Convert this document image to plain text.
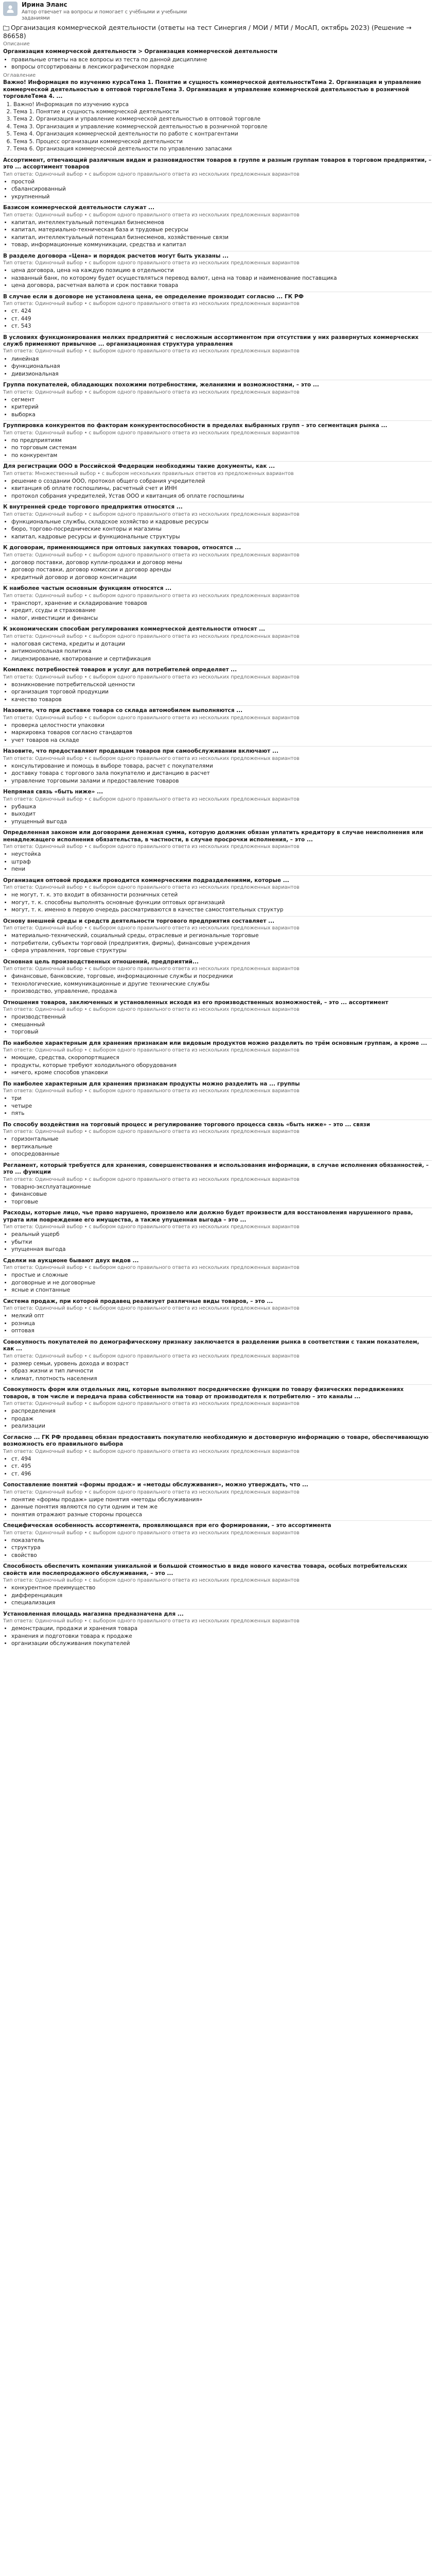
Ирина Эланс

Автор отвечает на вопросы и помогает с учёбными и учебными заданиями

Организация коммерческой деятельности (ответы на тест Синергия / МОИ / МТИ / МосАП, октябрь 2023) (Решение → 86658)
Описание
Организация коммерческой деятельности > Организация коммерческой деятельности
• правильные ответы на все вопросы из теста по данной дисциплине
• вопросы отсортированы в лексикографическом порядке
Оглавление
Важно! Информация по изучению курсаТема 1. Понятие и сущность коммерческой деятельностиТема 2. Организация и управление коммерческой деятельностью в оптовой торговлеТема 3. Организация и управление коммерческой деятельностью в розничной торговлеТема 4. ...
1. Важно! Информация по изучению курса
2. Тема 1. Понятие и сущность коммерческой деятельности
3. Тема 2. Организация и управление коммерческой деятельностью в оптовой торговле
4. Тема 3. Организация и управление коммерческой деятельностью в розничной торговле
5. Тема 4. Организация коммерческой деятельности по работе с контрагентами
6. Тема 5. Процесс организации коммерческой деятельности
7. Тема 6. Организация коммерческой деятельности по управлению запасами

Ассортимент, отвечающий различным видам и разновидностям товаров в группе и разным группам товаров в торговом предприятии, – это ... ассортимент товаров

Тип ответа: Одиночный выбор • с выбором одного правильного ответа из нескольких предложенных вариантов

• простой
• сбалансированный
• укрупненный

Базисом коммерческой деятельности служат ...

Тип ответа: Одиночный выбор • с выбором одного правильного ответа из нескольких предложенных вариантов

• капитал, интеллектуальный потенциал бизнесменов
• капитал, материально-техническая база и трудовые ресурсы
• капитал, интеллектуальный потенциал бизнесменов, хозяйственные связи
• товар, информационные коммуникации, средства и капитал

В разделе договора «Цена» и порядок расчетов могут быть указаны ...

Тип ответа: Одиночный выбор • с выбором одного правильного ответа из нескольких предложенных вариантов

• цена договора, цена на каждую позицию в отдельности
• названный банк, по которому будет осуществляться перевод валют, цена на товар и наименование поставщика
• цена договора, расчетная валюта и срок поставки товара

В случае если в договоре не установлена цена, ее определение производит согласно ... ГК РФ

Тип ответа: Одиночный выбор • с выбором одного правильного ответа из нескольких предложенных вариантов

• ст. 424
• ст. 449
• ст. 543

В условиях функционирования мелких предприятий с несложным ассортиментом при отсутствии у них развернутых коммерческих служб применяют привычное ... организационная структура управления

Тип ответа: Одиночный выбор • с выбором одного правильного ответа из нескольких предложенных вариантов

• линейная
• функциональная
• дивизиональная

Группа покупателей, обладающих похожими потребностями, желаниями и возможностями, – это ...

Тип ответа: Одиночный выбор • с выбором одного правильного ответа из нескольких предложенных вариантов

• сегмент
• критерий
• выборка

Группировка конкурентов по факторам конкурентоспособности в пределах выбранных групп – это сегментация рынка ...

Тип ответа: Одиночный выбор • с выбором одного правильного ответа из нескольких предложенных вариантов

• по предприятиям
• по торговым системам
• по конкурентам

Для регистрации ООО в Российской Федерации необходимы такие документы, как ...

Тип ответа: Множественный выбор • с выбором нескольких правильных ответов из предложенных вариантов

• решение о создании ООО, протокол общего собрания учредителей
• квитанция об оплате госпошлины, расчетный счет и ИНН
• протокол собрания учредителей, Устав ООО и квитанция об оплате госпошлины

К внутренней среде торгового предприятия относятся ...

Тип ответа: Одиночный выбор • с выбором одного правильного ответа из нескольких предложенных вариантов

• функциональные службы, складское хозяйство и кадровые ресурсы
• бюро, торгово-посреднические конторы и магазины
• капитал, кадровые ресурсы и функциональные структуры

К договорам, применяющимся при оптовых закупках товаров, относятся ...

Тип ответа: Одиночный выбор • с выбором одного правильного ответа из нескольких предложенных вариантов

• договор поставки, договор купли-продажи и договор мены
• договор поставки, договор комиссии и договор аренды
• кредитный договор и договор консигнации

К наиболее частым основным функциям относятся ...

Тип ответа: Одиночный выбор • с выбором одного правильного ответа из нескольких предложенных вариантов

• транспорт, хранение и складирование товаров
• кредит, ссуды и страхование
• налог, инвестиции и финансы

К экономическим способам регулирования коммерческой деятельности относят ...

Тип ответа: Одиночный выбор • с выбором одного правильного ответа из нескольких предложенных вариантов

• налоговая система, кредиты и дотации
• антимонопольная политика
• лицензирование, квотирование и сертификация

Комплекс потребностей товаров и услуг для потребителей определяет ...

Тип ответа: Одиночный выбор • с выбором одного правильного ответа из нескольких предложенных вариантов

• возникновение потребительской ценности
• организация торговой продукции
• качество товаров

Назовите, что при доставке товара со склада автомобилем выполняются ...

Тип ответа: Одиночный выбор • с выбором одного правильного ответа из нескольких предложенных вариантов

• проверка целостности упаковки
• маркировка товаров согласно стандартов
• учет товаров на складе

Назовите, что предоставляют продавцам товаров при самообслуживании включают ...

Тип ответа: Одиночный выбор • с выбором одного правильного ответа из нескольких предложенных вариантов

• консультирование и помощь в выборе товара, расчет с покупателями
• доставку товара с торгового зала покупателю и дистанцию в расчет
• управление торговыми залами и предоставление товаров

Непрямая связь «быть ниже» ...

Тип ответа: Одиночный выбор • с выбором одного правильного ответа из нескольких предложенных вариантов

• рубашка
• выходит
• упущенный выгода

Определенная законом или договорами денежная сумма, которую должник обязан уплатить кредитору в случае неисполнения или ненадлежащего исполнения обязательства, в частности, в случае просрочки исполнения, – это ...

Тип ответа: Одиночный выбор • с выбором одного правильного ответа из нескольких предложенных вариантов

• неустойка
• штраф
• пени

Организация оптовой продажи проводится коммерческими подразделениями, которые ...

Тип ответа: Одиночный выбор • с выбором одного правильного ответа из нескольких предложенных вариантов

• не могут, т. к. это входит в обязанности розничных сетей
• могут, т. к. способны выполнять основные функции оптовых организаций
• могут, т. к. именно в первую очередь рассматриваются в качестве самостоятельных структур

Основу внешней среды и средств деятельности торгового предприятия составляет ...

Тип ответа: Одиночный выбор • с выбором одного правильного ответа из нескольких предложенных вариантов

• материально-технический, социальный среды, отраслевые и региональные торговые
• потребители, субъекты торговой (предприятия, фирмы), финансовые учреждения
• сфера управления, торговые структуры

Основная цель производственных отношений, предприятий...

Тип ответа: Одиночный выбор • с выбором одного правильного ответа из нескольких предложенных вариантов

• финансовые, банковские, торговые, информационные службы и посредники
• технологические, коммуникационные и другие технические службы
• производство, управление, продажа

Отношения товаров, заключенных и установленных исходя из его производственных возможностей, – это ... ассортимент

Тип ответа: Одиночный выбор • с выбором одного правильного ответа из нескольких предложенных вариантов

• производственный
• смешанный
• торговый

По наиболее характерным для хранения признакам или видовым продуктов можно разделить по трём основным группам, а кроме ...

Тип ответа: Одиночный выбор • с выбором одного правильного ответа из нескольких предложенных вариантов

• моющие, средства, скоропортящиеся
• продукты, которые требуют холодильного оборудования
• ничего, кроме способов упаковки

По наиболее характерным для хранения признакам продукты можно разделить на ... группы

Тип ответа: Одиночный выбор • с выбором одного правильного ответа из нескольких предложенных вариантов

• три
• четыре
• пять

По способу воздействия на торговый процесс и регулирование торгового процесса связь «быть ниже» – это ... связи

Тип ответа: Одиночный выбор • с выбором одного правильного ответа из нескольких предложенных вариантов

• горизонтальные
• вертикальные
• опосредованные

Регламент, который требуется для хранения, совершенствования и использования информации, в случае исполнения обязанностей, – это ... функции

Тип ответа: Одиночный выбор • с выбором одного правильного ответа из нескольких предложенных вариантов

• товарно-эксплуатационные
• финансовые
• торговые

Расходы, которые лицо, чье право нарушено, произвело или должно будет произвести для восстановления нарушенного права, утрата или повреждение его имущества, а также упущенная выгода – это ...

Тип ответа: Одиночный выбор • с выбором одного правильного ответа из нескольких предложенных вариантов

• реальный ущерб
• убытки
• упущенная выгода

Сделки на аукционе бывают двух видов ...

Тип ответа: Одиночный выбор • с выбором одного правильного ответа из нескольких предложенных вариантов

• простые и сложные
• договорные и не договорные
• ясные и спонтанные

Система продаж, при которой продавец реализует различные виды товаров, – это ...

Тип ответа: Одиночный выбор • с выбором одного правильного ответа из нескольких предложенных вариантов

• мелкий опт
• розница
• оптовая

Совокупность покупателей по демографическому признаку заключается в разделении рынка в соответствии с таким показателем, как ...

Тип ответа: Одиночный выбор • с выбором одного правильного ответа из нескольких предложенных вариантов

• размер семьи, уровень дохода и возраст
• образ жизни и тип личности
• климат, плотность населения

Совокупность форм или отдельных лиц, которые выполняют посреднические функции по товару физических передвижениях товаров, в том числе и передача права собственности на товар от производителя к потребителю – это каналы ...

Тип ответа: Одиночный выбор • с выбором одного правильного ответа из нескольких предложенных вариантов

• распределения
• продаж
• реализации

Согласно ... ГК РФ продавец обязан предоставить покупателю необходимую и достоверную информацию о товаре, обеспечивающую возможность его правильного выбора

Тип ответа: Одиночный выбор • с выбором одного правильного ответа из нескольких предложенных вариантов

• ст. 494
• ст. 495
• ст. 496

Сопоставление понятий «формы продаж» и «методы обслуживания», можно утверждать, что ...

Тип ответа: Одиночный выбор • с выбором одного правильного ответа из нескольких предложенных вариантов

• понятие «формы продаж» шире понятия «методы обслуживания»
• данные понятия являются по сути одним и тем же
• понятия отражают разные стороны процесса

Специфическая особенность ассортимента, проявляющаяся при его формировании, – это ассортимента

Тип ответа: Одиночный выбор • с выбором одного правильного ответа из нескольких предложенных вариантов

• показатель
• структура
• свойство

Способность обеспечить компании уникальной и большой стоимостью в виде нового качества товара, особых потребительских свойств или послепродажного обслуживания, – это ...

Тип ответа: Одиночный выбор • с выбором одного правильного ответа из нескольких предложенных вариантов

• конкурентное преимущество
• дифференциация
• специализация

Установленная площадь магазина предназначена для ...

Тип ответа: Одиночный выбор • с выбором одного правильного ответа из нескольких предложенных вариантов

• демонстрации, продажи и хранения товара
• хранения и подготовки товара к продаже
• организации обслуживания покупателей
